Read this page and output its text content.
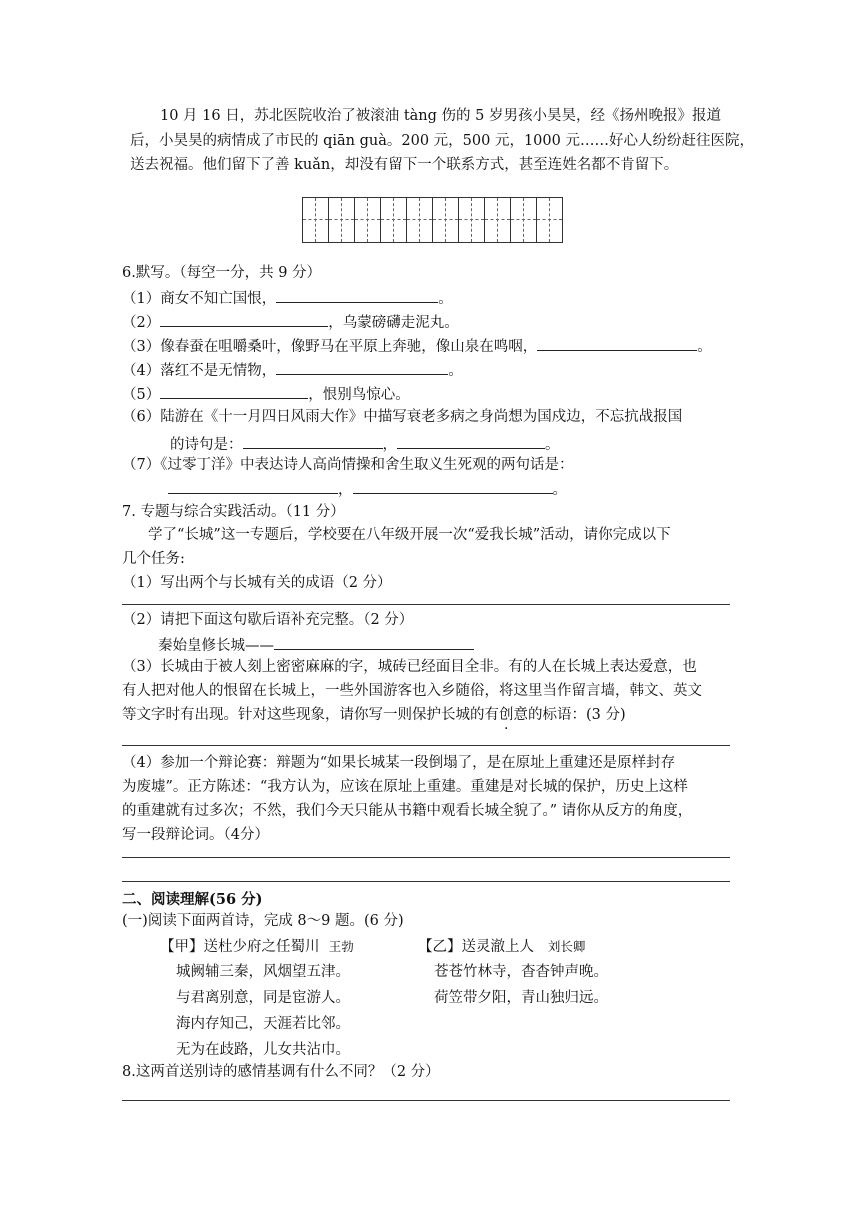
10 月 16 日，苏北医院收治了被滚油 tàng 伤的 5 岁男孩小昊昊，经《扬州晚报》报道
后，小昊昊的病情成了市民的 qiān guà。200 元，500 元，1000 元……好心人纷纷赶往医院，
送去祝福。他们留下了善 kuǎn，却没有留下一个联系方式，甚至连姓名都不肯留下。
6.默写。（每空一分，共 9 分）
（1）商女不知亡国恨，	。
（2）	，乌蒙磅礴走泥丸。
（3）像春蚕在咀嚼桑叶，像野马在平原上奔驰，像山泉在鸣咽，	。
（4）落红不是无情物，	。
（5）	，恨别鸟惊心。
（6）陆游在《十一月四日风雨大作》中描写衰老多病之身尚想为国戍边，不忘抗战报国
的诗句是：	，	。
（7）《过零丁洋》中表达诗人高尚情操和舍生取义生死观的两句话是：
，	。
7. 专题与综合实践活动。（11 分）
学了“长城”这一专题后，学校要在八年级开展一次“爱我长城”活动，请你完成以下
几个任务:
（1）写出两个与长城有关的成语（2 分）
（2）请把下面这句歇后语补充完整。（2 分）
秦始皇修长城——
（3）长城由于被人刻上密密麻麻的字，城砖已经面目全非。有的人在长城上表达爱意，也
有人把对他人的恨留在长城上，一些外国游客也入乡随俗，将这里当作留言墙，韩文、英文
等文字时有出现。针对这些现象，请你写一则保护长城的有创意的标语：(3 分)
（4）参加一个辩论赛：辩题为“如果长城某一段倒塌了，是在原址上重建还是原样封存
为废墟”。正方陈述：“我方认为，应该在原址上重建。重建是对长城的保护，历史上这样
的重建就有过多次；不然，我们今天只能从书籍中观看长城全貌了。” 请你从反方的角度，
写一段辩论词。（4分）
二、阅读理解(56 分)
(一)阅读下面两首诗，完成 8～9 题。(6 分)
【甲】送杜少府之任蜀川 王勃
城阙辅三秦，风烟望五津。
与君离别意，同是宦游人。
海内存知己，天涯若比邻。
无为在歧路，儿女共沾巾。
【乙】送灵澈上人 刘长卿
苍苍竹林寺，杳杳钟声晚。
荷笠带夕阳，青山独归远。
8.这两首送别诗的感情基调有什么不同？（2 分）
